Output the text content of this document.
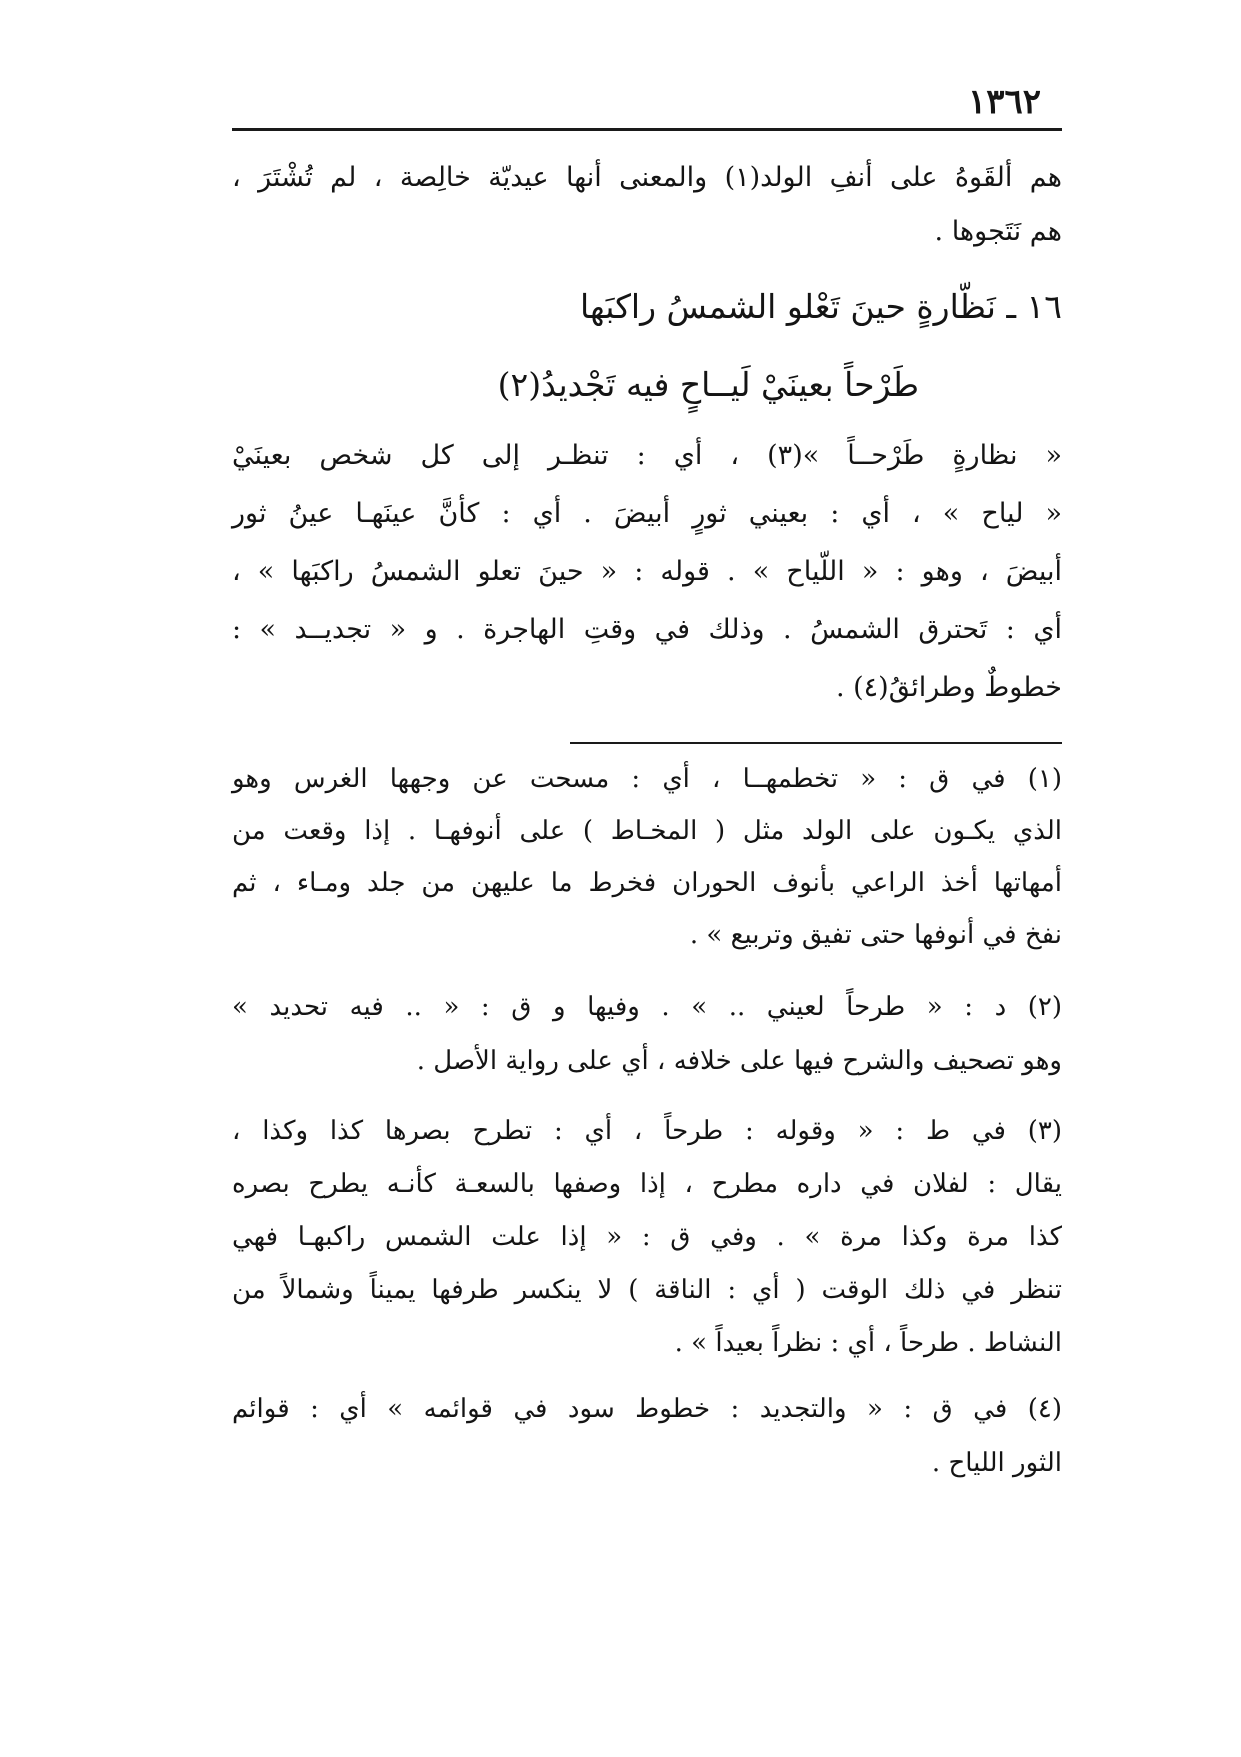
١٣٦٢
هم ألقَوهُ على أنفِ الولد(١) والمعنى أنها عيديّة خالِصة ، لم تُشْتَرَ ،
هم نَتَجوها .
١٦ ـ نَظّارةٍ حينَ تَعْلو الشمسُ راكبَها
طَرْحاً بعينَيْ لَيــاحٍ فيه تَجْديدُ(٢)
« نظارةٍ طَرْحــاً »(٣) ، أي : تنظـر إلى كل شخص بعينَيْ
« لياح » ، أي : بعيني ثورٍ أبيضَ . أي : كأنَّ عينَهـا عينُ ثور
أبيضَ ، وهو : « اللّياح » . قوله : « حينَ تعلو الشمسُ راكبَها » ،
أي : تَحترق الشمسُ . وذلك في وقتِ الهاجرة . و « تجديــد » :
خطوطٌ وطرائقُ(٤) .
(١) في ق : « تخطمهــا ، أي : مسحت عن وجهها الغرس وهو
الذي يكـون على الولد مثل ( المخـاط ) على أنوفهـا . إذا وقعت من
أمهاتها أخذ الراعي بأنوف الحوران فخرط ما عليهن من جلد ومـاء ، ثم
نفخ في أنوفها حتى تفيق وتربيع » .
(٢) د : « طرحاً لعيني .. » . وفيها و ق : « .. فيه تحديد »
وهو تصحيف والشرح فيها على خلافه ، أي على رواية الأصل .
(٣) في ط : « وقوله : طرحاً ، أي : تطرح بصرها كذا وكذا ،
يقال : لفلان في داره مطرح ، إذا وصفها بالسعـة كأنـه يطرح بصره
كذا مرة وكذا مرة » . وفي ق : « إذا علت الشمس راكبهـا فهي
تنظر في ذلك الوقت ( أي : الناقة ) لا ينكسر طرفها يميناً وشمالاً من
النشاط . طرحاً ، أي : نظراً بعيداً » .
(٤) في ق : « والتجديد : خطوط سود في قوائمه » أي : قوائم
الثور اللياح .
